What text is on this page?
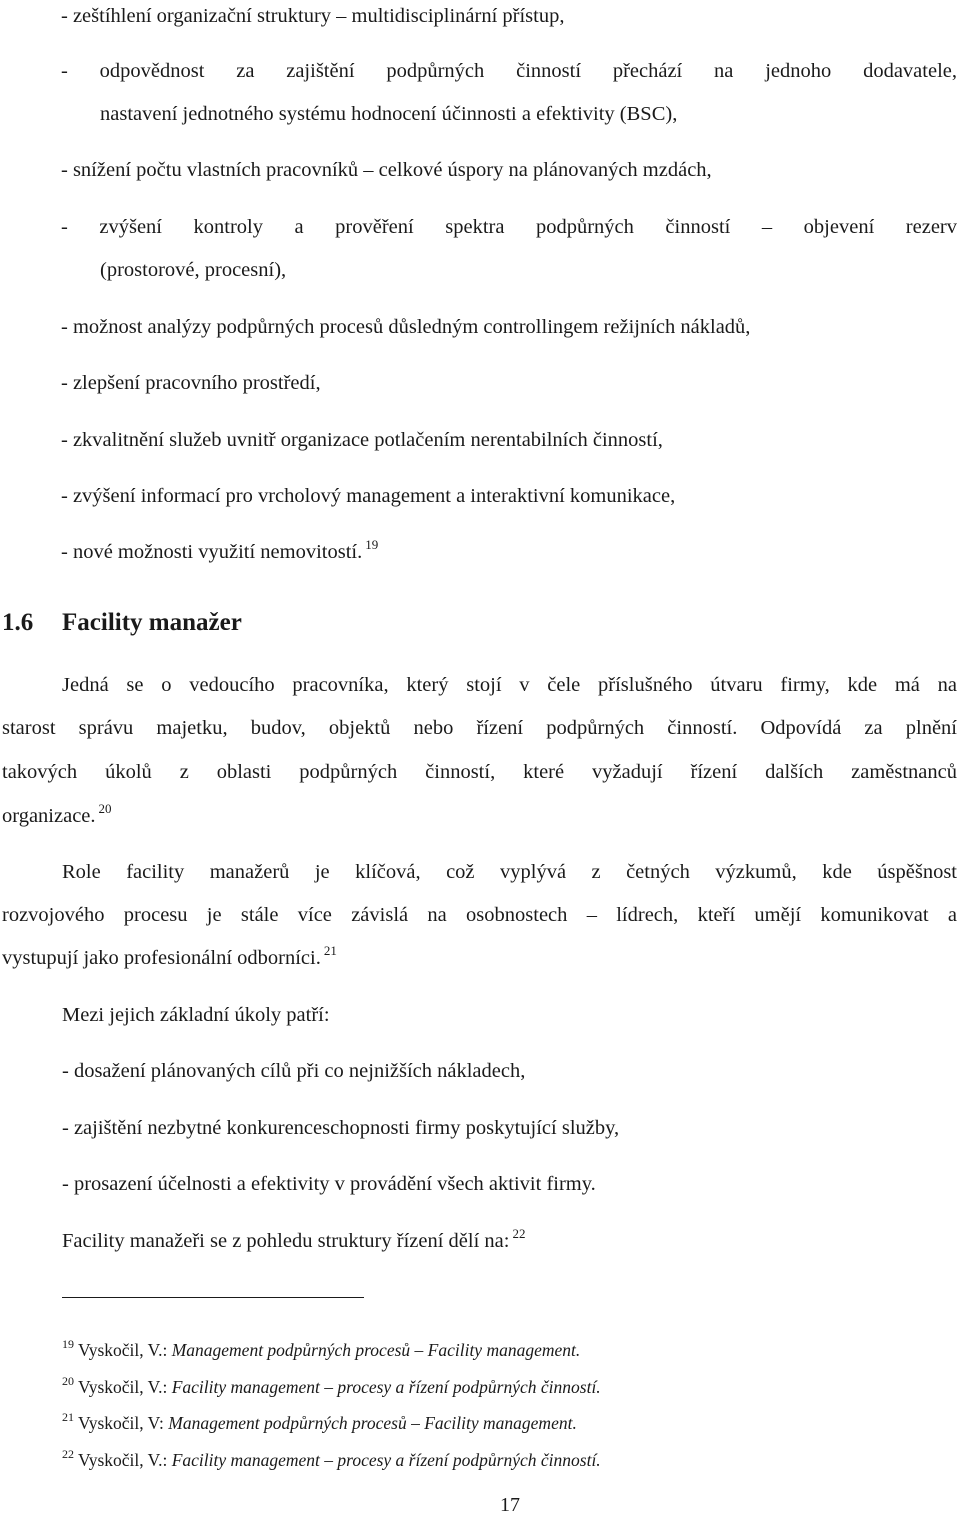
- zeštíhlení organizační struktury – multidisciplinární přístup,
- odpovědnost za zajištění podpůrných činností přechází na jednoho dodavatele,
nastavení jednotného systému hodnocení účinnosti a efektivity (BSC),
- snížení počtu vlastních pracovníků – celkové úspory na plánovaných mzdách,
- zvýšení kontroly a prověření spektra podpůrných činností – objevení rezerv
(prostorové, procesní),
- možnost analýzy podpůrných procesů důsledným controllingem režijních nákladů,
- zlepšení pracovního prostředí,
- zkvalitnění služeb uvnitř organizace potlačením nerentabilních činností,
- zvýšení informací pro vrcholový management a interaktivní komunikace,
- nové možnosti využití nemovitostí. $^{19}$
1.6 Facility manažer
Jedná se o vedoucího pracovníka, který stojí v čele příslušného útvaru firmy, kde má na
starost správu majetku, budov, objektů nebo řízení podpůrných činností. Odpovídá za plnění
takových úkolů z oblasti podpůrných činností, které vyžadují řízení dalších zaměstnanců
organizace. $^{20}$
Role facility manažerů je klíčová, což vyplývá z četných výzkumů, kde úspěšnost
rozvojového procesu je stále více závislá na osobnostech – lídrech, kteří umějí komunikovat a
vystupují jako profesionální odborníci. $^{21}$
Mezi jejich základní úkoly patří:
- dosažení plánovaných cílů při co nejnižších nákladech,
- zajištění nezbytné konkurenceschopnosti firmy poskytující služby,
- prosazení účelnosti a efektivity v provádění všech aktivit firmy.
Facility manažeři se z pohledu struktury řízení dělí na: $^{22}$
$^{19}$ Vyskočil, V.: Management podpůrných procesů – Facility management.
$^{20}$ Vyskočil, V.: Facility management – procesy a řízení podpůrných činností.
$^{21}$ Vyskočil, V: Management podpůrných procesů – Facility management.
$^{22}$ Vyskočil, V.: Facility management – procesy a řízení podpůrných činností.
17
